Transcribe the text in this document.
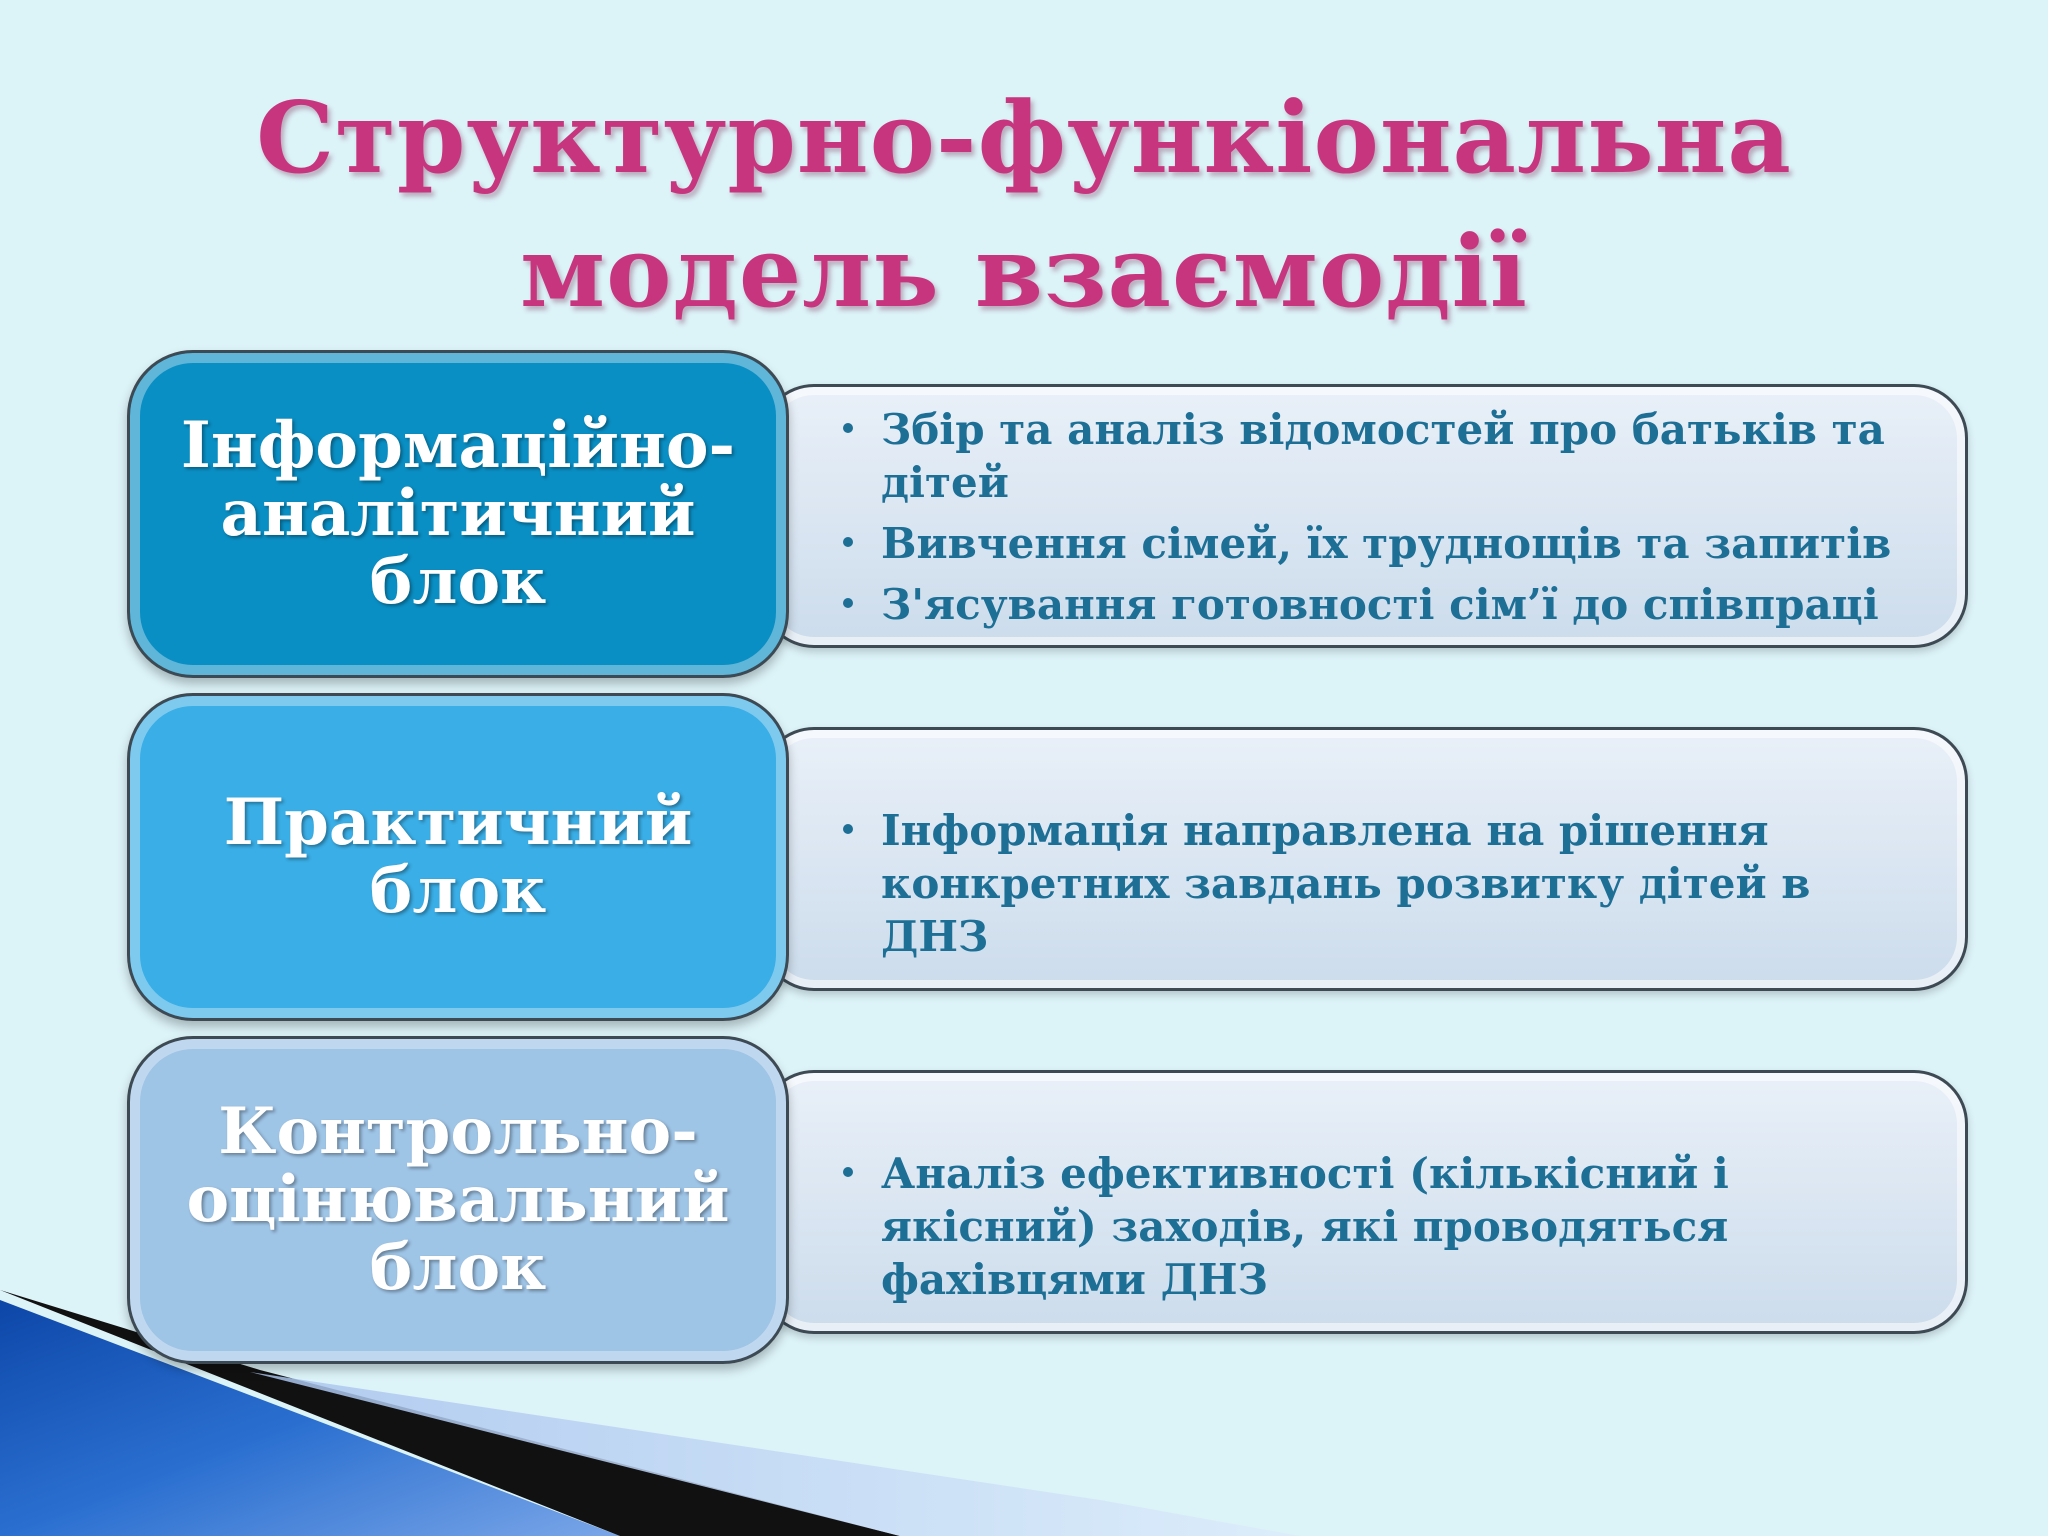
Структурно-функіональна
модель взаємодії
Збір та аналіз відомостей про батьків та дітей
Вивчення сімей, їх труднощів та запитів
З'ясування готовності сім’ї до співпраці
Інформаційно-
аналітичний
блок
Інформація направлена на рішення конкретних завдань розвитку дітей в ДНЗ
Практичний
блок
Аналіз ефективності (кількісний і якісний) заходів, які проводяться фахівцями ДНЗ
Контрольно-
оцінювальний
блок
